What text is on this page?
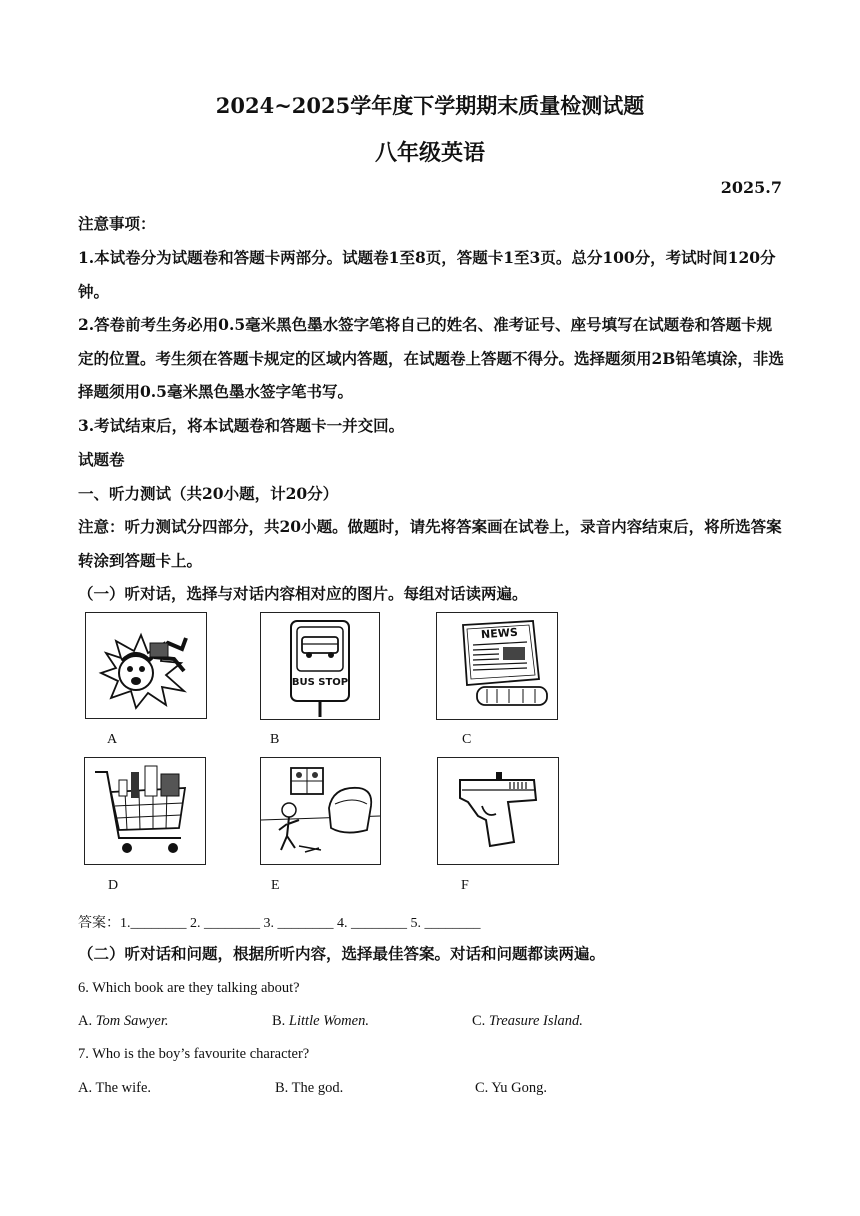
2024~2025学年度下学期期末质量检测试题
八年级英语
2025.7
注意事项：
1.本试卷分为试题卷和答题卡两部分。试题卷1至8页，答题卡1至3页。总分100分，考试时间120分钟。
2.答卷前考生务必用0.5毫米黑色墨水签字笔将自己的姓名、准考证号、座号填写在试题卷和答题卡规定的位置。考生须在答题卡规定的区域内答题，在试题卷上答题不得分。选择题须用2B铅笔填涂，非选择题须用0.5毫米黑色墨水签字笔书写。
3.考试结束后，将本试题卷和答题卡一并交回。
试题卷
一、听力测试（共20小题，计20分）
注意：听力测试分四部分，共20小题。做题时，请先将答案画在试卷上，录音内容结束后，将所选答案转涂到答题卡上。
（一）听对话，选择与对话内容相对应的图片。每组对话读两遍。
A
BUS STOP
B
NEWS
C
D	E	F
答案：1.________ 2. ________ 3. ________ 4. ________ 5. ________
（二）听对话和问题，根据所听内容，选择最佳答案。对话和问题都读两遍。
6. Which book are they talking about?
A. Tom Sawyer.	B. Little Women.	C. Treasure Island.
7. Who is the boy’s favourite character?
A. The wife.	B. The god.	C. Yu Gong.
